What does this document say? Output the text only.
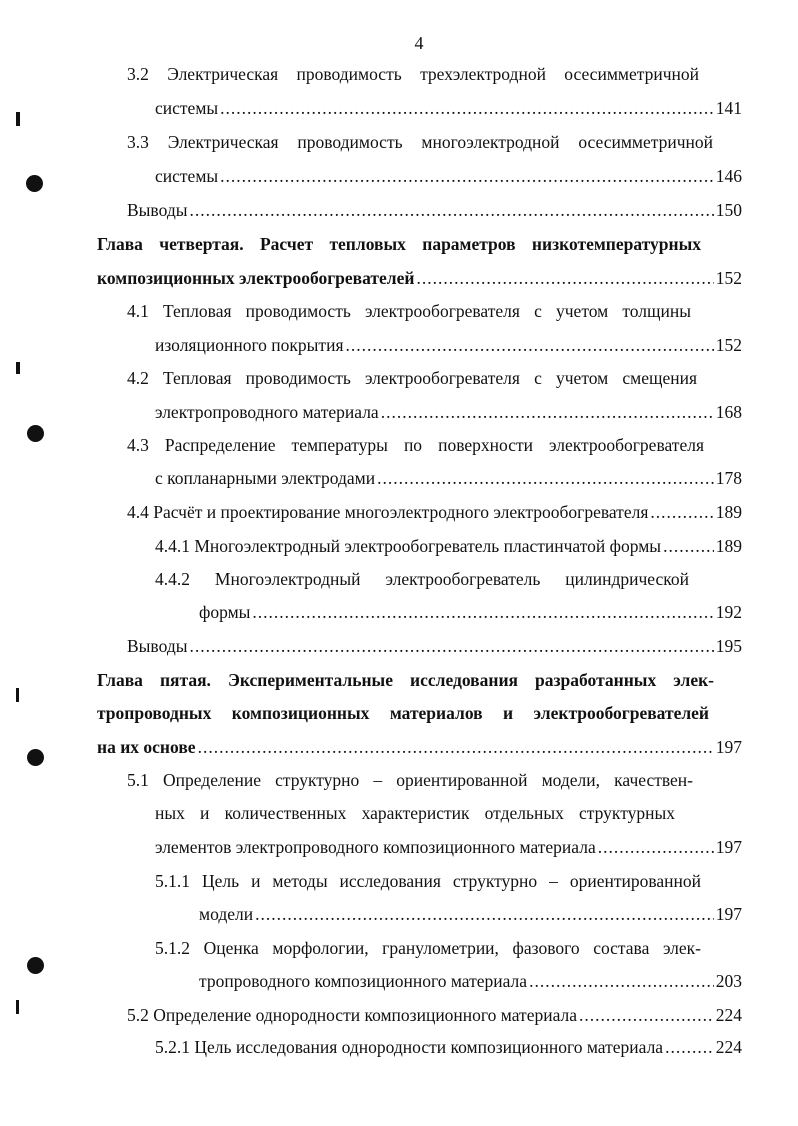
4
3.2 Электрическая проводимость трехэлектродной осесимметричной
системы .....	141
3.3 Электрическая проводимость многоэлектродной осесимметричной
системы .....	146
Выводы .....	150
Глава четвертая. Расчет тепловых параметров низкотемпературных
композиционных электрообогревателей .....	152
4.1 Тепловая проводимость электрообогревателя с учетом толщины
изоляционного покрытия .....	152
4.2 Тепловая проводимость электрообогревателя с учетом смещения
электропроводного материала .....	168
4.3 Распределение температуры по поверхности электрообогревателя
с копланарными электродами .....	178
4.4 Расчёт и проектирование многоэлектродного электрообогревателя .....	189
4.4.1 Многоэлектродный электрообогреватель пластинчатой формы .....	189
4.4.2 Многоэлектродный электрообогреватель цилиндрической
формы .....	192
Выводы .....	195
Глава пятая. Экспериментальные исследования разработанных элек-
тропроводных композиционных материалов и электрообогревателей
на их основе .....	197
5.1 Определение структурно – ориентированной модели, качествен-
ных и количественных характеристик отдельных структурных
элементов электропроводного композиционного материала .....	197
5.1.1 Цель и методы исследования структурно – ориентированной
модели .....	197
5.1.2 Оценка морфологии, гранулометрии, фазового состава элек-
тропроводного композиционного материала .....	203
5.2 Определение однородности композиционного материала .....	224
5.2.1 Цель исследования однородности композиционного материала .....	224
